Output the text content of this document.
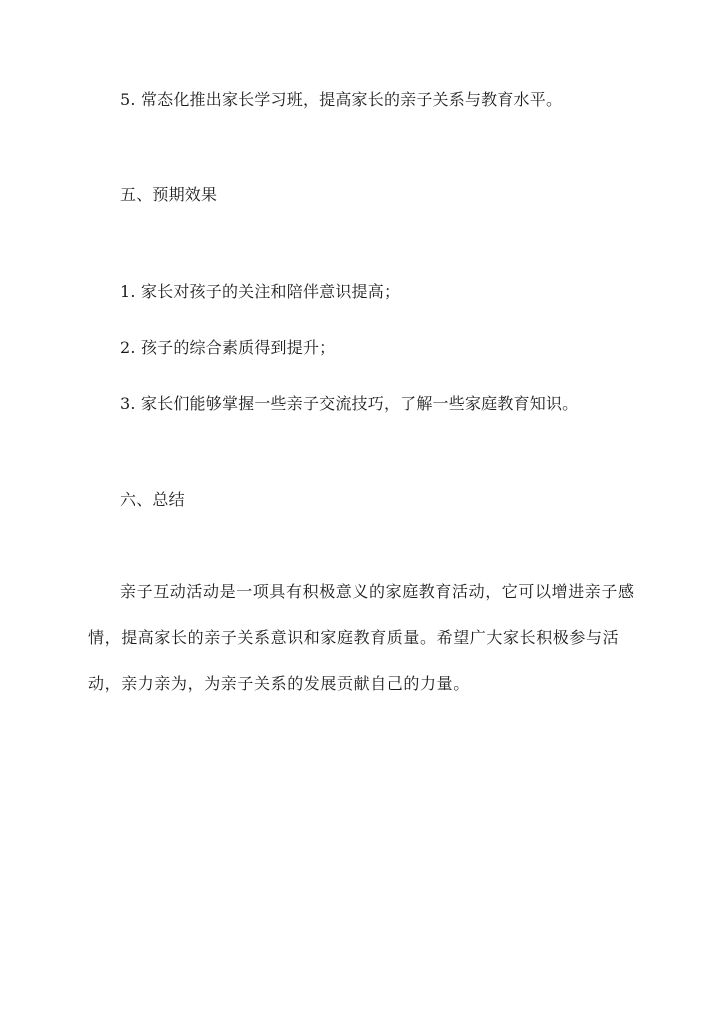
5. 常态化推出家长学习班，提高家长的亲子关系与教育水平。
五、预期效果
1. 家长对孩子的关注和陪伴意识提高；
2. 孩子的综合素质得到提升；
3. 家长们能够掌握一些亲子交流技巧，了解一些家庭教育知识。
六、总结
亲子互动活动是一项具有积极意义的家庭教育活动，它可以增进亲子感情，提高家长的亲子关系意识和家庭教育质量。希望广大家长积极参与活动，亲力亲为，为亲子关系的发展贡献自己的力量。
